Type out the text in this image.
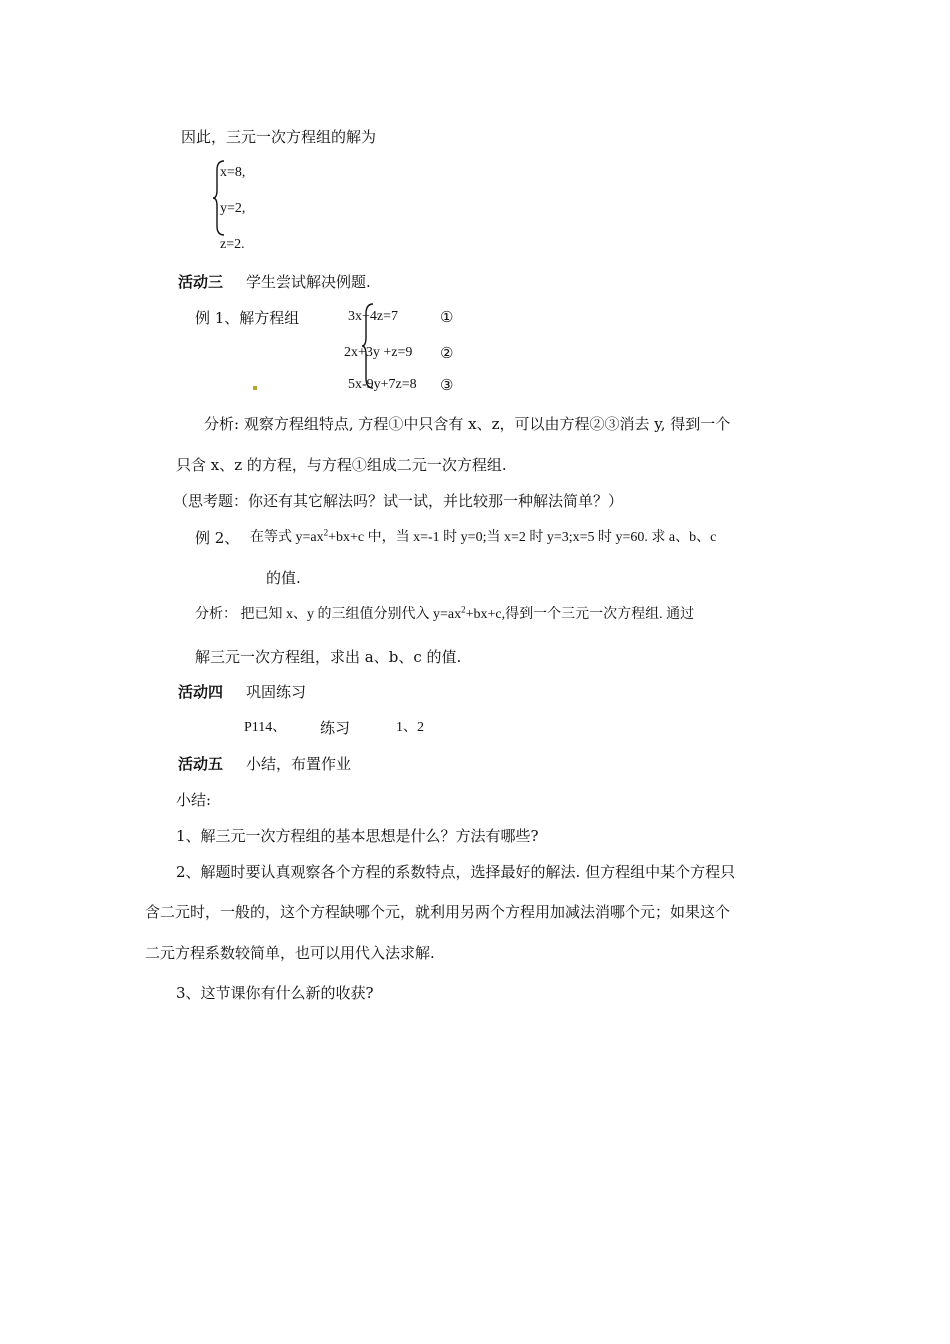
因此，三元一次方程组的解为
x=8,
y=2,
z=2.
活动三 学生尝试解决例题.
例 1、解方程组	3x+4z=7	①
2x+3y +z=9 ②
5x-9y+7z=8 ③
分析: 观察方程组特点, 方程①中只含有 x、z，可以由方程②③消去 y, 得到一个
只含 x、z 的方程，与方程①组成二元一次方程组.
（思考题：你还有其它解法吗？试一试，并比较那一种解法简单？）
例 2、 在等式 $y=ax^2+bx+c$ 中，当 x=-1 时 y=0;当 x=2 时 y=3;x=5 时 y=60. 求 a、b、c
的值.
分析： 把已知 x、y 的三组值分别代入 $y=ax^2+bx+c$,得到一个三元一次方程组. 通过
解三元一次方程组，求出 a、b、c 的值.
活动四 巩固练习
P114、 练习	1、2
活动五 小结，布置作业
小结:
1、解三元一次方程组的基本思想是什么？方法有哪些?
2、解题时要认真观察各个方程的系数特点，选择最好的解法. 但方程组中某个方程只
含二元时，一般的，这个方程缺哪个元，就利用另两个方程用加减法消哪个元；如果这个
二元方程系数较简单，也可以用代入法求解.
3、这节课你有什么新的收获?
